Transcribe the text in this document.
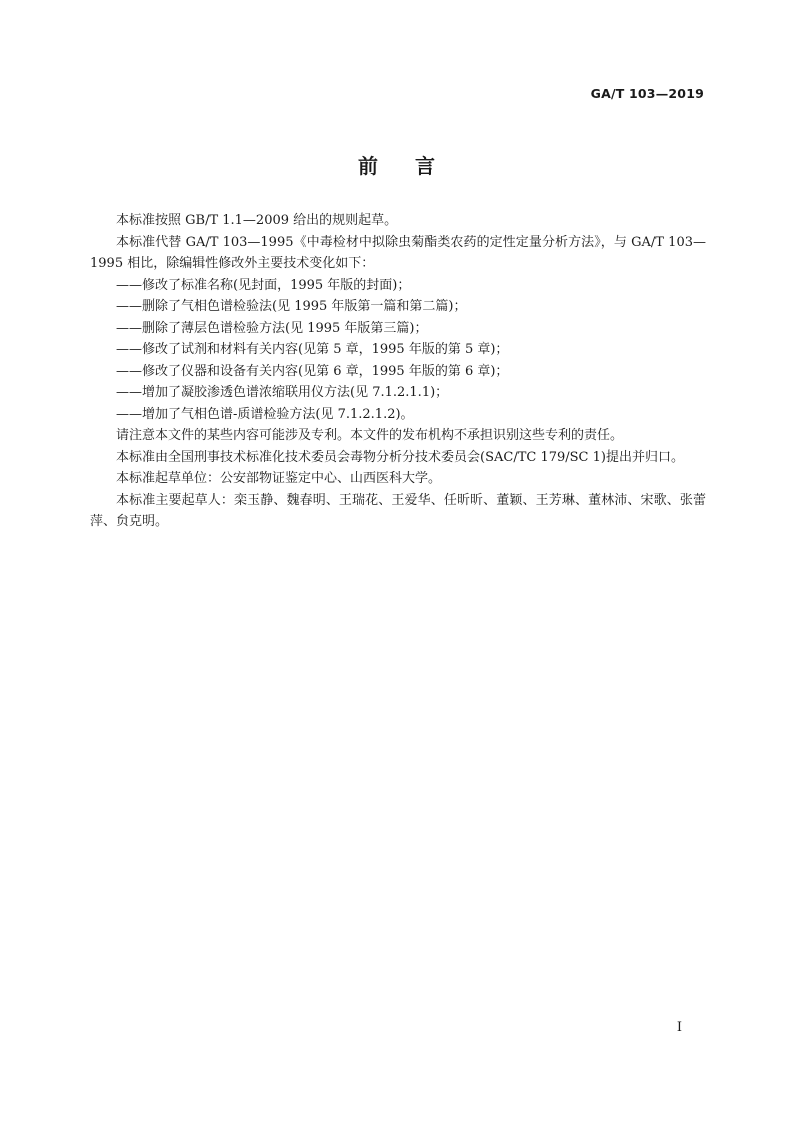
GA/T 103—2019
前 言

本标准按照 GB/T 1.1—2009 给出的规则起草。

本标准代替 GA/T 103—1995《中毒检材中拟除虫菊酯类农药的定性定量分析方法》，与 GA/T 103—1995 相比，除编辑性修改外主要技术变化如下：

——修改了标准名称(见封面，1995 年版的封面)；

——删除了气相色谱检验法(见 1995 年版第一篇和第二篇)；

——删除了薄层色谱检验方法(见 1995 年版第三篇)；

——修改了试剂和材料有关内容(见第 5 章，1995 年版的第 5 章)；

——修改了仪器和设备有关内容(见第 6 章，1995 年版的第 6 章)；

——增加了凝胶渗透色谱浓缩联用仪方法(见 7.1.2.1.1)；

——增加了气相色谱-质谱检验方法(见 7.1.2.1.2)。

请注意本文件的某些内容可能涉及专利。本文件的发布机构不承担识别这些专利的责任。

本标准由全国刑事技术标准化技术委员会毒物分析分技术委员会(SAC/TC 179/SC 1)提出并归口。

本标准起草单位：公安部物证鉴定中心、山西医科大学。

本标准主要起草人：栾玉静、魏春明、王瑞花、王爱华、任昕昕、董颖、王芳琳、董林沛、宋歌、张蕾萍、贠克明。

I
